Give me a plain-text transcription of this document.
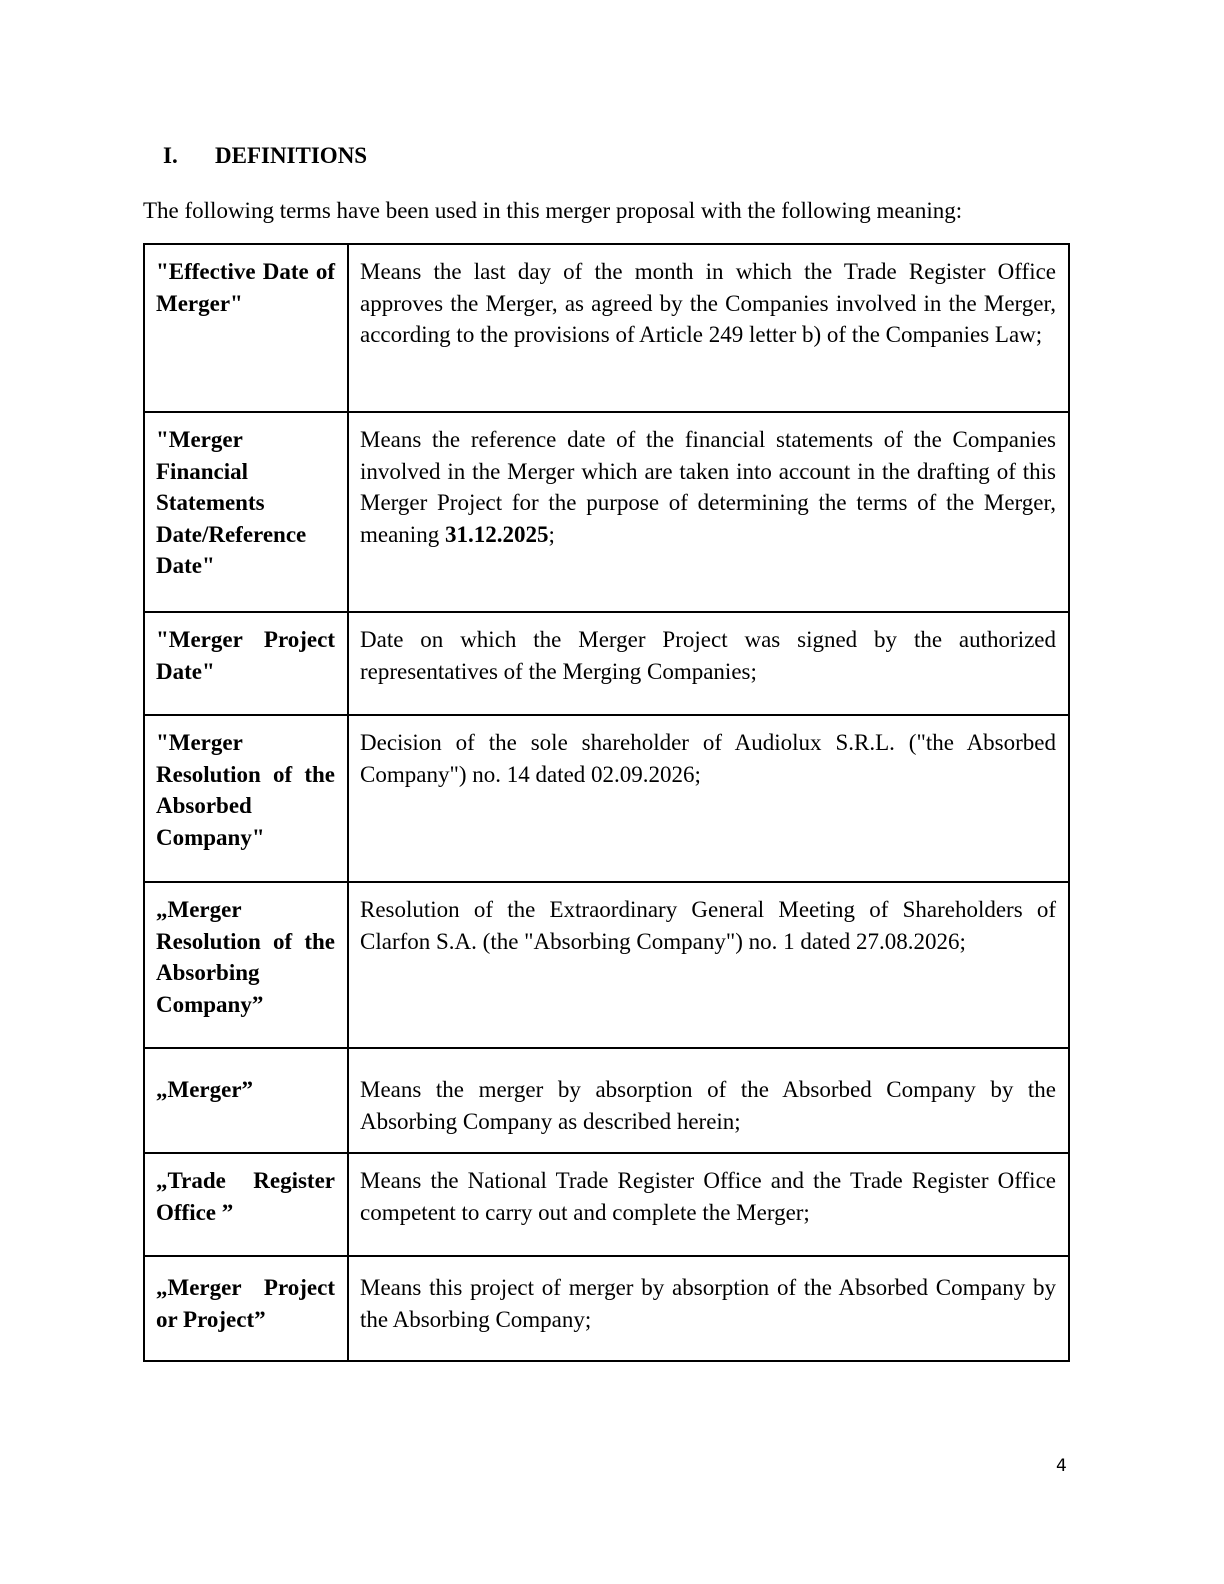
I. DEFINITIONS

The following terms have been used in this merger proposal with the following meaning:

"Effective Date of Merger"	Means the last day of the month in which the Trade Register Office approves the Merger, as agreed by the Companies involved in the Merger, according to the provisions of Article 249 letter b) of the Companies Law;
"Merger Financial Statements Date/Reference Date"	Means the reference date of the financial statements of the Companies involved in the Merger which are taken into account in the drafting of this Merger Project for the purpose of determining the terms of the Merger, meaning 31.12.2025;
"Merger Project Date"	Date on which the Merger Project was signed by the authorized representatives of the Merging Companies;
"Merger Resolution of the Absorbed Company"	Decision of the sole shareholder of Audiolux S.R.L. ("the Absorbed Company") no. 14 dated 02.09.2026;
„Merger Resolution of the Absorbing Company”	Resolution of the Extraordinary General Meeting of Shareholders of Clarfon S.A. (the "Absorbing Company") no. 1 dated 27.08.2026;
„Merger”	Means the merger by absorption of the Absorbed Company by the Absorbing Company as described herein;
„Trade Register Office ”	Means the National Trade Register Office and the Trade Register Office competent to carry out and complete the Merger;
„Merger Project or Project”	Means this project of merger by absorption of the Absorbed Company by the Absorbing Company;
4
